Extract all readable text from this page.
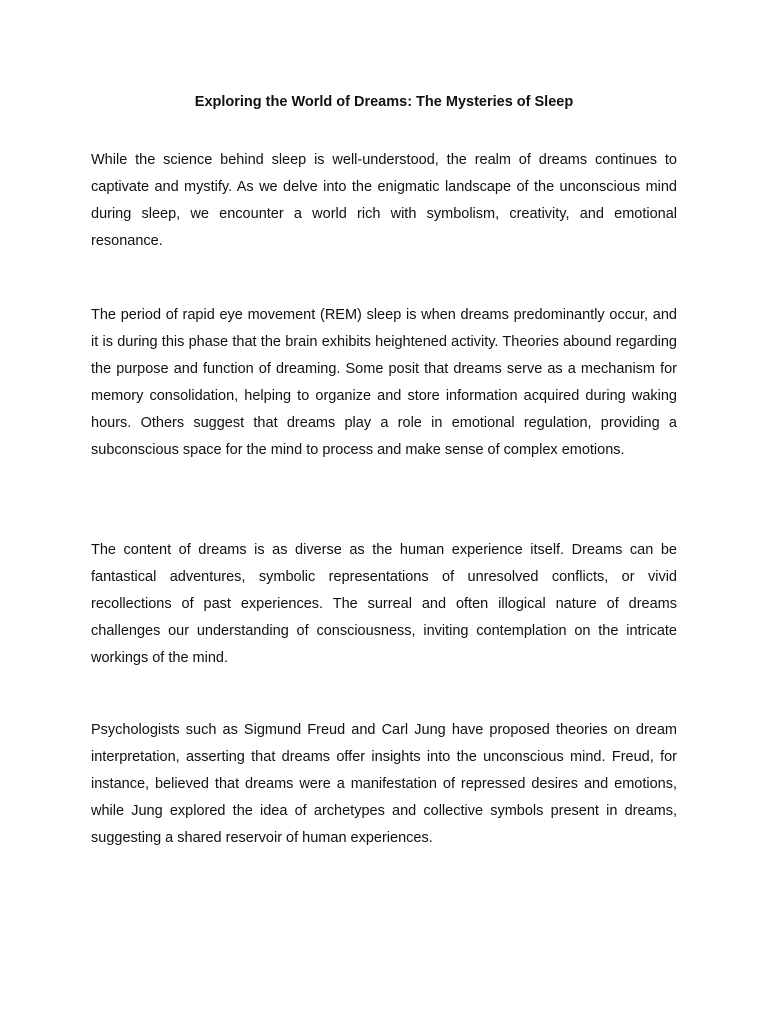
Exploring the World of Dreams: The Mysteries of Sleep

While the science behind sleep is well-understood, the realm of dreams continues to captivate and mystify. As we delve into the enigmatic landscape of the unconscious mind during sleep, we encounter a world rich with symbolism, creativity, and emotional resonance.

The period of rapid eye movement (REM) sleep is when dreams predominantly occur, and it is during this phase that the brain exhibits heightened activity. Theories abound regarding the purpose and function of dreaming. Some posit that dreams serve as a mechanism for memory consolidation, helping to organize and store information acquired during waking hours. Others suggest that dreams play a role in emotional regulation, providing a subconscious space for the mind to process and make sense of complex emotions.

The content of dreams is as diverse as the human experience itself. Dreams can be fantastical adventures, symbolic representations of unresolved conflicts, or vivid recollections of past experiences. The surreal and often illogical nature of dreams challenges our understanding of consciousness, inviting contemplation on the intricate workings of the mind.

Psychologists such as Sigmund Freud and Carl Jung have proposed theories on dream interpretation, asserting that dreams offer insights into the unconscious mind. Freud, for instance, believed that dreams were a manifestation of repressed desires and emotions, while Jung explored the idea of archetypes and collective symbols present in dreams, suggesting a shared reservoir of human experiences.
